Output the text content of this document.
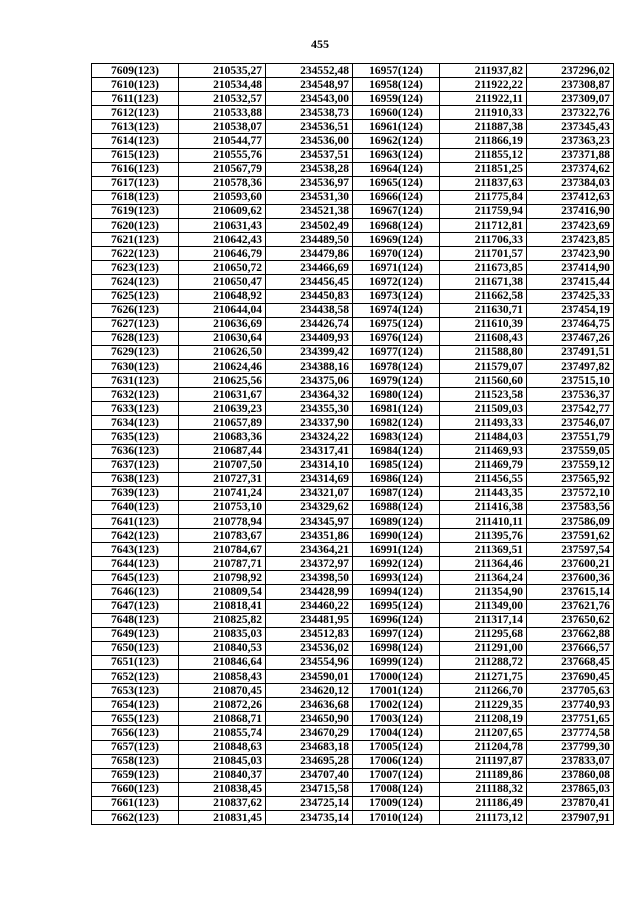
455
7609(123)	210535,27	234552,48	16957(124)	211937,82	237296,02
7610(123)	210534,48	234548,97	16958(124)	211922,22	237308,87
7611(123)	210532,57	234543,00	16959(124)	211922,11	237309,07
7612(123)	210533,88	234538,73	16960(124)	211910,33	237322,76
7613(123)	210538,07	234536,51	16961(124)	211887,38	237345,43
7614(123)	210544,77	234536,00	16962(124)	211866,19	237363,23
7615(123)	210555,76	234537,51	16963(124)	211855,12	237371,88
7616(123)	210567,79	234538,28	16964(124)	211851,25	237374,62
7617(123)	210578,36	234536,97	16965(124)	211837,63	237384,03
7618(123)	210593,60	234531,30	16966(124)	211775,84	237412,63
7619(123)	210609,62	234521,38	16967(124)	211759,94	237416,90
7620(123)	210631,43	234502,49	16968(124)	211712,81	237423,69
7621(123)	210642,43	234489,50	16969(124)	211706,33	237423,85
7622(123)	210646,79	234479,86	16970(124)	211701,57	237423,90
7623(123)	210650,72	234466,69	16971(124)	211673,85	237414,90
7624(123)	210650,47	234456,45	16972(124)	211671,38	237415,44
7625(123)	210648,92	234450,83	16973(124)	211662,58	237425,33
7626(123)	210644,04	234438,58	16974(124)	211630,71	237454,19
7627(123)	210636,69	234426,74	16975(124)	211610,39	237464,75
7628(123)	210630,64	234409,93	16976(124)	211608,43	237467,26
7629(123)	210626,50	234399,42	16977(124)	211588,80	237491,51
7630(123)	210624,46	234388,16	16978(124)	211579,07	237497,82
7631(123)	210625,56	234375,06	16979(124)	211560,60	237515,10
7632(123)	210631,67	234364,32	16980(124)	211523,58	237536,37
7633(123)	210639,23	234355,30	16981(124)	211509,03	237542,77
7634(123)	210657,89	234337,90	16982(124)	211493,33	237546,07
7635(123)	210683,36	234324,22	16983(124)	211484,03	237551,79
7636(123)	210687,44	234317,41	16984(124)	211469,93	237559,05
7637(123)	210707,50	234314,10	16985(124)	211469,79	237559,12
7638(123)	210727,31	234314,69	16986(124)	211456,55	237565,92
7639(123)	210741,24	234321,07	16987(124)	211443,35	237572,10
7640(123)	210753,10	234329,62	16988(124)	211416,38	237583,56
7641(123)	210778,94	234345,97	16989(124)	211410,11	237586,09
7642(123)	210783,67	234351,86	16990(124)	211395,76	237591,62
7643(123)	210784,67	234364,21	16991(124)	211369,51	237597,54
7644(123)	210787,71	234372,97	16992(124)	211364,46	237600,21
7645(123)	210798,92	234398,50	16993(124)	211364,24	237600,36
7646(123)	210809,54	234428,99	16994(124)	211354,90	237615,14
7647(123)	210818,41	234460,22	16995(124)	211349,00	237621,76
7648(123)	210825,82	234481,95	16996(124)	211317,14	237650,62
7649(123)	210835,03	234512,83	16997(124)	211295,68	237662,88
7650(123)	210840,53	234536,02	16998(124)	211291,00	237666,57
7651(123)	210846,64	234554,96	16999(124)	211288,72	237668,45
7652(123)	210858,43	234590,01	17000(124)	211271,75	237690,45
7653(123)	210870,45	234620,12	17001(124)	211266,70	237705,63
7654(123)	210872,26	234636,68	17002(124)	211229,35	237740,93
7655(123)	210868,71	234650,90	17003(124)	211208,19	237751,65
7656(123)	210855,74	234670,29	17004(124)	211207,65	237774,58
7657(123)	210848,63	234683,18	17005(124)	211204,78	237799,30
7658(123)	210845,03	234695,28	17006(124)	211197,87	237833,07
7659(123)	210840,37	234707,40	17007(124)	211189,86	237860,08
7660(123)	210838,45	234715,58	17008(124)	211188,32	237865,03
7661(123)	210837,62	234725,14	17009(124)	211186,49	237870,41
7662(123)	210831,45	234735,14	17010(124)	211173,12	237907,91
